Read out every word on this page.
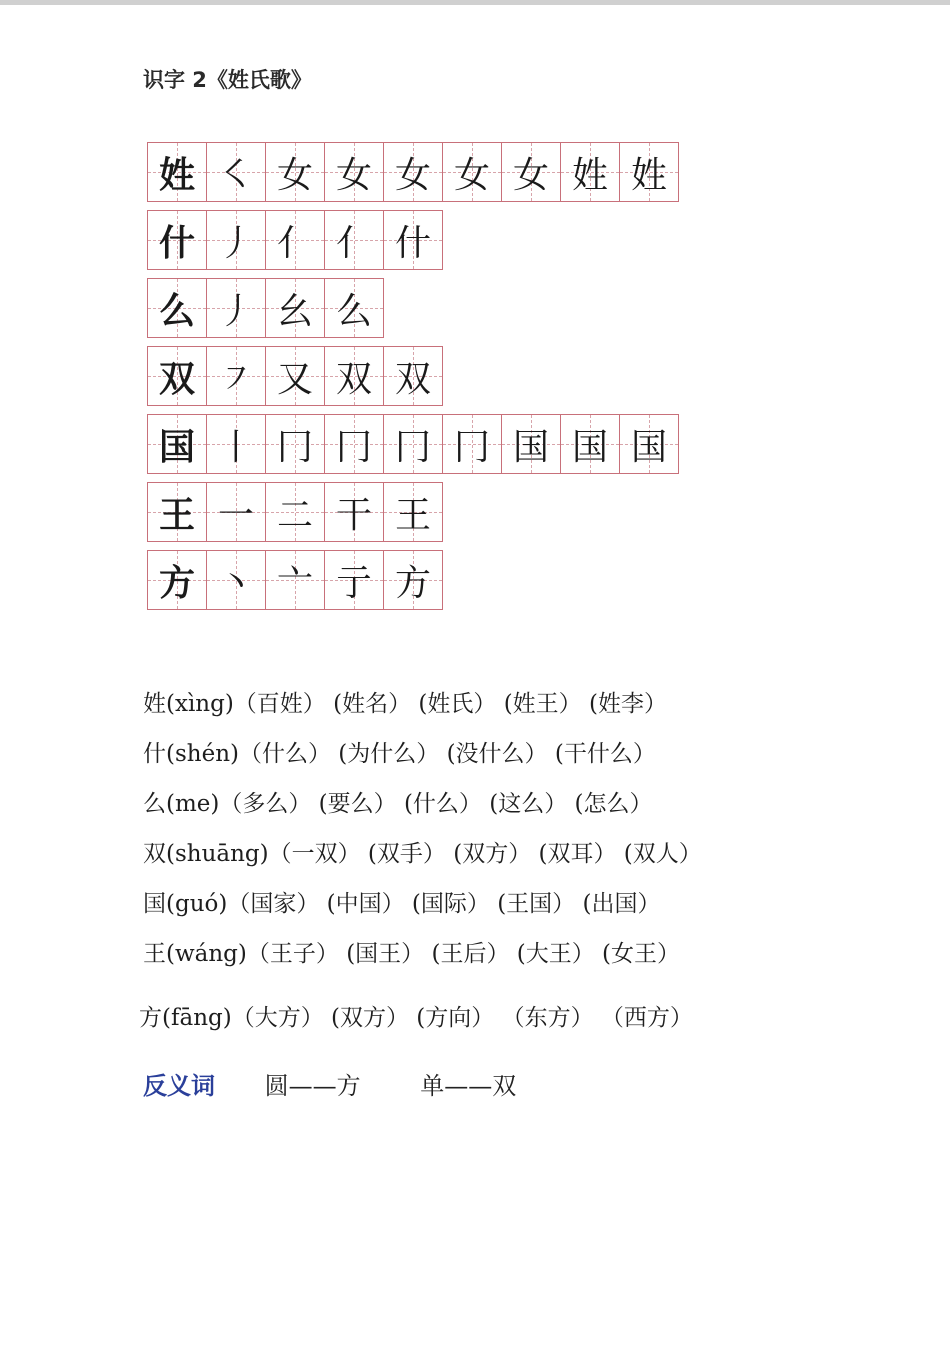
识字 2《姓氏歌》
姓 ㇛ 女 女 女 女 女 姓 姓
什 丿 亻 亻 什
么 丿 幺 么
双 ㇇ 又 双 双
国 丨 冂 冂 冂 冂 国 国 国
王 一 二 干 王
方 丶 亠 亍 方
姓(xìng)（百姓） (姓名） (姓氏） (姓王） (姓李）
什(shén)（什么） (为什么） (没什么） (干什么）
么(me)（多么） (要么） (什么） (这么） (怎么）
双(shuāng)（一双） (双手） (双方） (双耳） (双人）
国(guó)（国家） (中国） (国际） (王国） (出国）
王(wáng)（王子） (国王） (王后） (大王） (女王）
方(fāng)（大方） (双方） (方向） （东方） （西方）
反义词 圆——方 单——双
